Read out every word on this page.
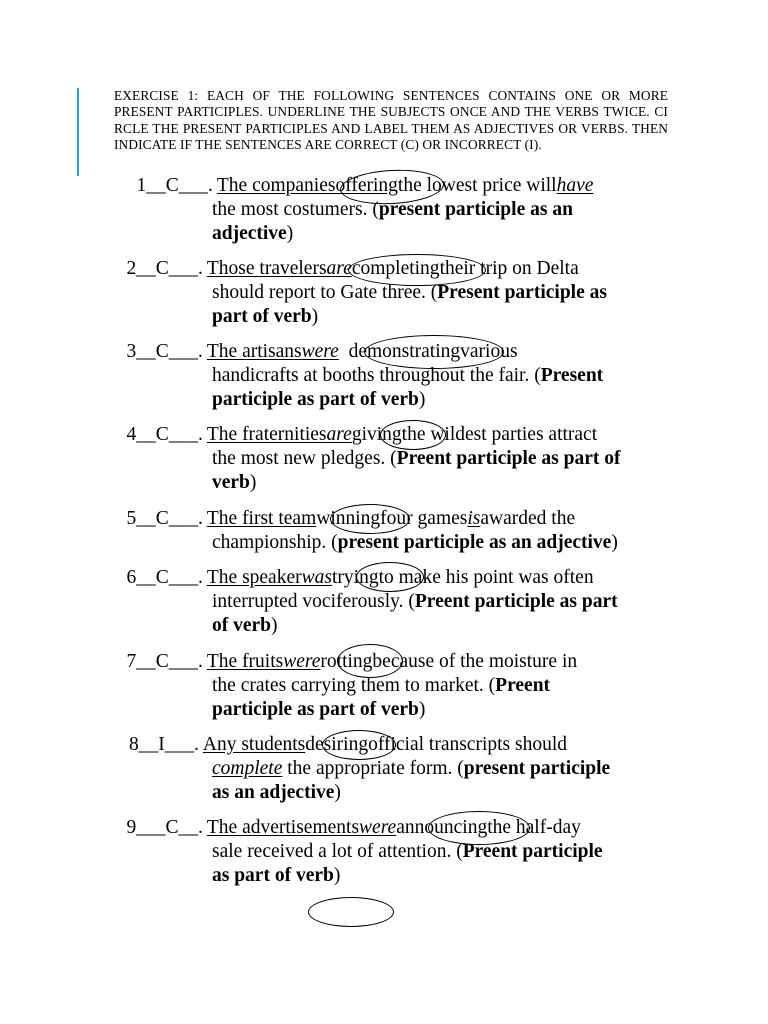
EXERCISE 1: EACH OF THE FOLLOWING SENTENCES CONTAINS ONE OR MORE PRESENT PARTICIPLES. UNDERLINE THE SUBJECTS ONCE AND THE VERBS TWICE. CI RCLE THE PRESENT PARTICIPLES AND LABEL THEM AS ADJECTIVES OR VERBS. THEN INDICATE IF THE SENTENCES ARE CORRECT (C) OR INCORRECT (I).
1__C___ . The companies offering the lowest price will have
the most costumers. (present participle as an
adjective)
2__C___ . Those travelers are completing their trip on Delta
should report to Gate three. (Present participle as
part of verb)
3__C___ . The artisans were
demonstrating various
handicrafts at booths throughout the fair. (Present
participle as part of verb)
4__C___ . The fraternities are giving the wildest parties attract
the most new pledges. (Preent participle as part of
verb)
5__C___ . The first team winning four games is awarded the
championship. (present participle as an adjective)
6__C___ . The speaker was trying to make his point was often
interrupted vociferously. (Preent participle as part
of verb)
7__C___ . The fruits were rotting because of the moisture in
the crates carrying them to market. (Preent
participle as part of verb)
8__I___ . Any students desiring official transcripts should
complete the appropriate form. (present participle
as an adjective)
9___C__ . The advertisements were announcing the half-day
sale received a lot of attention. (Preent participle
as part of verb)
